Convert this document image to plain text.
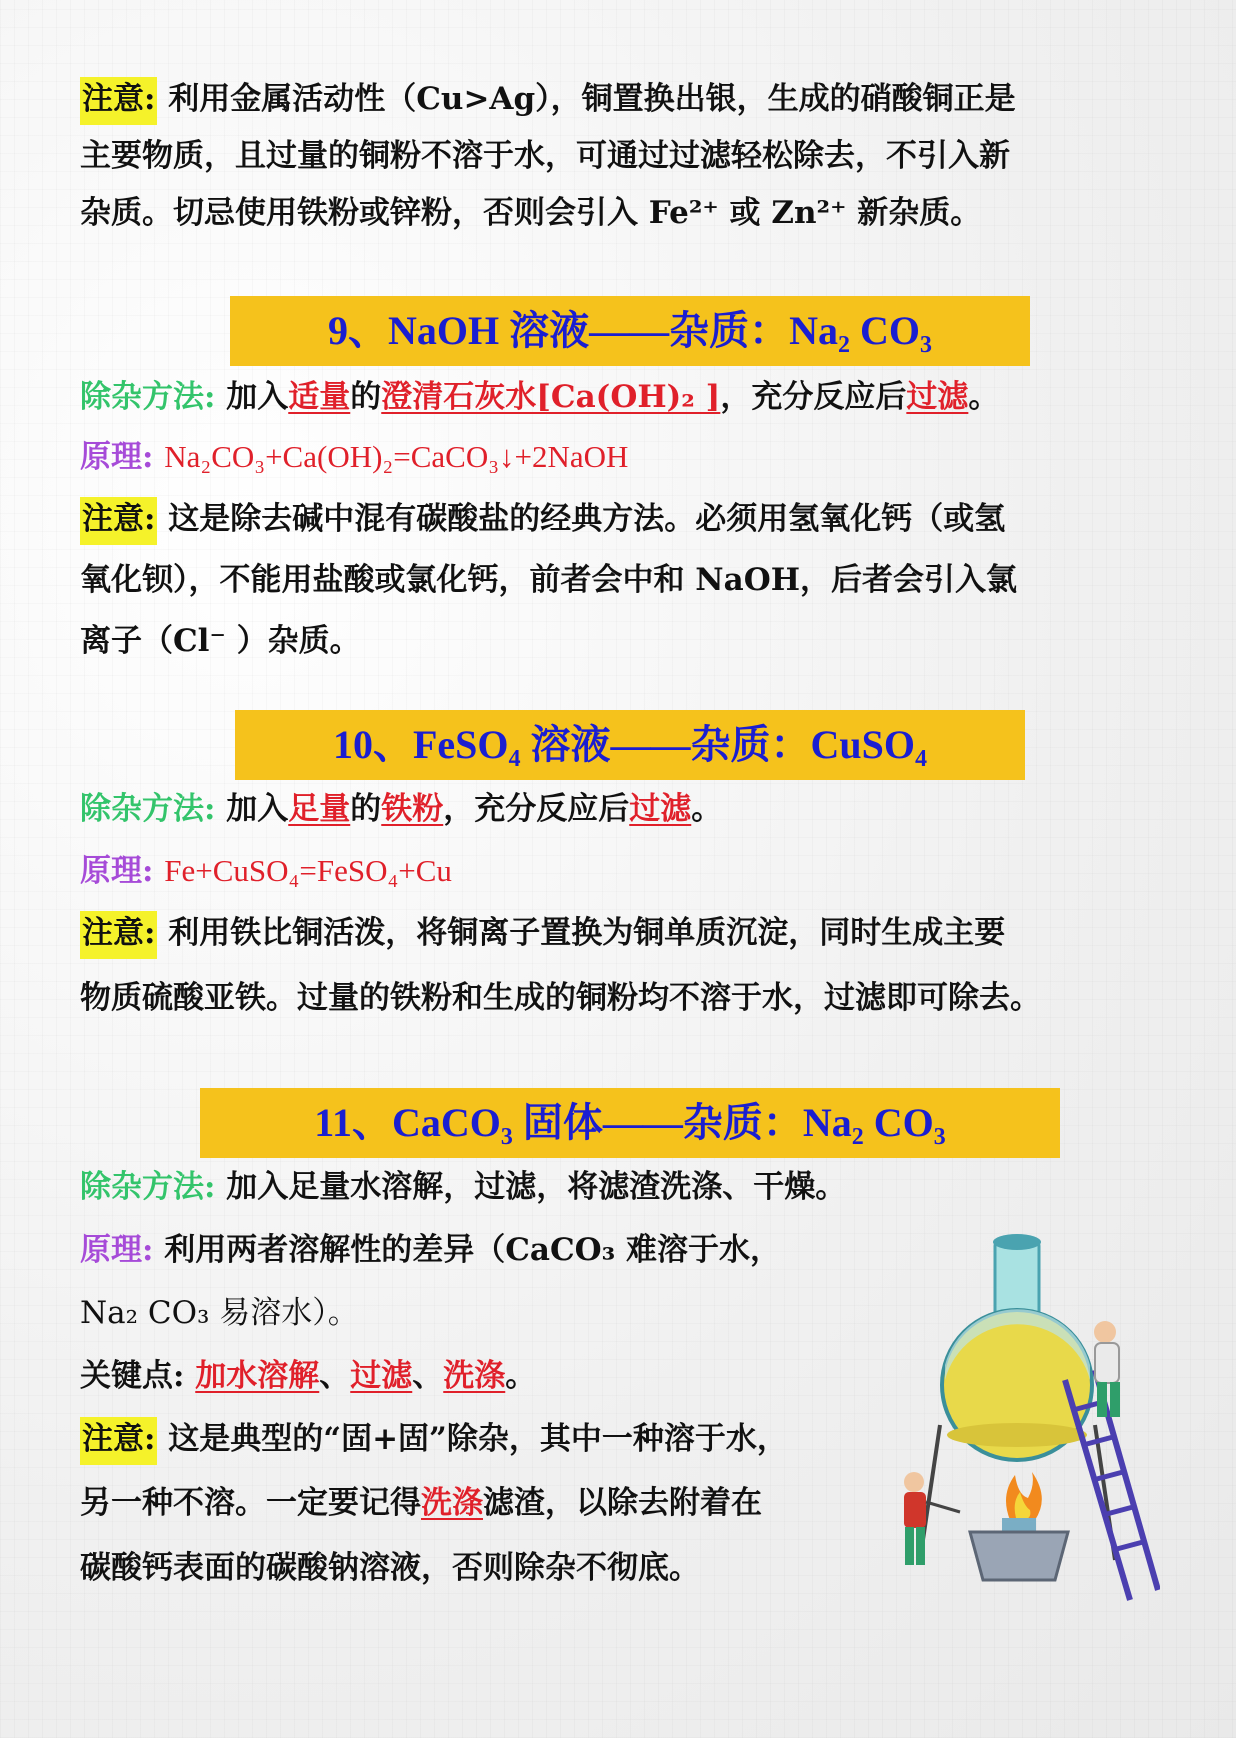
注意: 利用金属活动性（Cu>Ag），铜置换出银，生成的硝酸铜正是
主要物质，且过量的铜粉不溶于水，可通过过滤轻松除去，不引入新
杂质。切忌使用铁粉或锌粉，否则会引入 Fe²⁺ 或 Zn²⁺ 新杂质。
9、NaOH 溶液——杂质：Na₂ CO₃
除杂方法: 加入适量的澄清石灰水[Ca(OH)₂ ]，充分反应后过滤。
原理: Na₂CO₃+Ca(OH)₂=CaCO₃↓+2NaOH
注意: 这是除去碱中混有碳酸盐的经典方法。必须用氢氧化钙（或氢
氧化钡），不能用盐酸或氯化钙，前者会中和 NaOH，后者会引入氯
离子（Cl⁻ ）杂质。
10、FeSO₄ 溶液——杂质：CuSO₄
除杂方法: 加入足量的铁粉，充分反应后过滤。
原理: Fe+CuSO₄=FeSO₄+Cu
注意: 利用铁比铜活泼，将铜离子置换为铜单质沉淀，同时生成主要
物质硫酸亚铁。过量的铁粉和生成的铜粉均不溶于水，过滤即可除去。
11、CaCO₃ 固体——杂质：Na₂ CO₃
除杂方法: 加入足量水溶解，过滤，将滤渣洗涤、干燥。
原理: 利用两者溶解性的差异（CaCO₃ 难溶于水，
Na₂ CO₃ 易溶水）。
关键点: 加水溶解、过滤、洗涤。
注意: 这是典型的“固+固”除杂，其中一种溶于水，
另一种不溶。一定要记得洗涤滤渣，以除去附着在
碳酸钙表面的碳酸钠溶液，否则除杂不彻底。
